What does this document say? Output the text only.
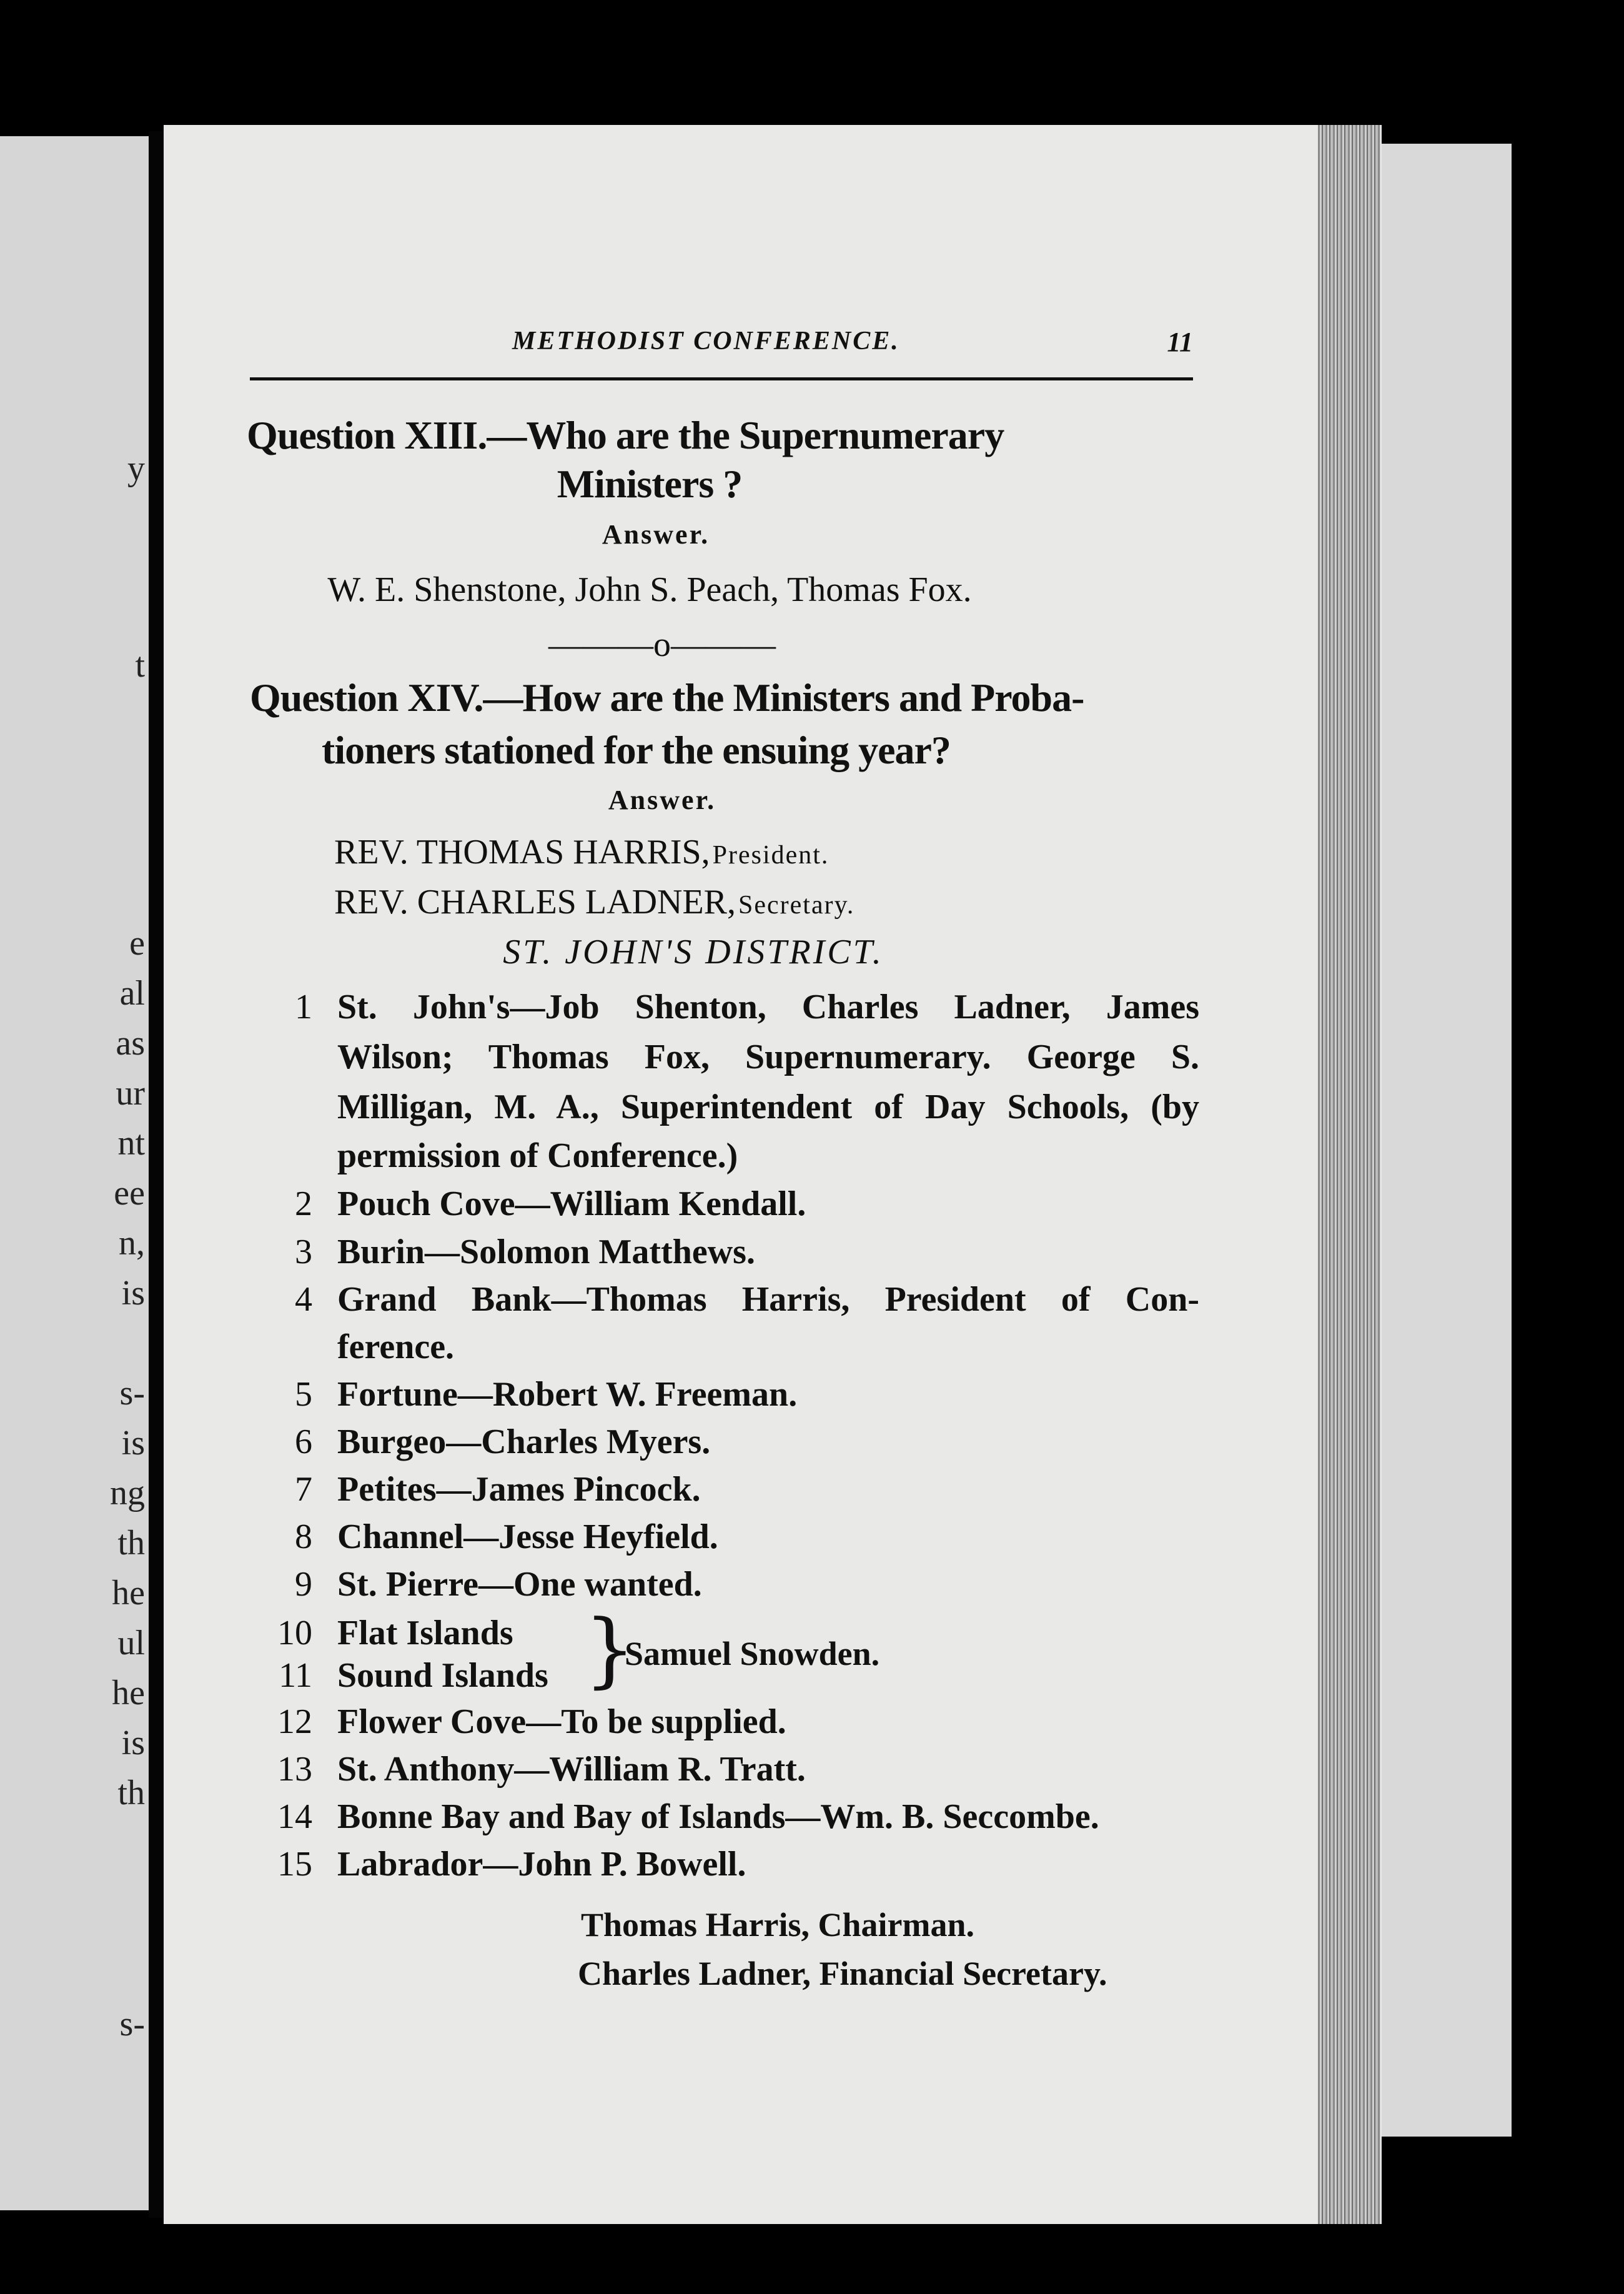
y
t
e
al
as
ur
nt
ee
n,
is
s-
is
ng
th
he
ul
he
is
th
s-
METHODIST CONFERENCE.	11
Question XIII.—Who are the Supernumerary
Ministers ?
Answer.
W. E. Shenstone, John S. Peach, Thomas Fox.
———o———
Question XIV.—How are the Ministers and Proba-
tioners stationed for the ensuing year?
Answer.
REV. THOMAS HARRIS, President.
REV. CHARLES LADNER, Secretary.
ST. JOHN'S DISTRICT.
1 St. John's—Job Shenton, Charles Ladner, James
Wilson; Thomas Fox, Supernumerary. George S.
Milligan, M. A., Superintendent of Day Schools, (by
permission of Conference.)
2 Pouch Cove—William Kendall.
3 Burin—Solomon Matthews.
4 Grand Bank—Thomas Harris, President of Con-
ference.
5 Fortune—Robert W. Freeman.
6 Burgeo—Charles Myers.
7 Petites—James Pincock.
8 Channel—Jesse Heyfield.
9 St. Pierre—One wanted.
10 Flat Islands
11 Sound Islands }
Samuel Snowden.
12 Flower Cove—To be supplied.
13 St. Anthony—William R. Tratt.
14 Bonne Bay and Bay of Islands—Wm. B. Seccombe.
15 Labrador—John P. Bowell.
Thomas Harris, Chairman.
Charles Ladner, Financial Secretary.
